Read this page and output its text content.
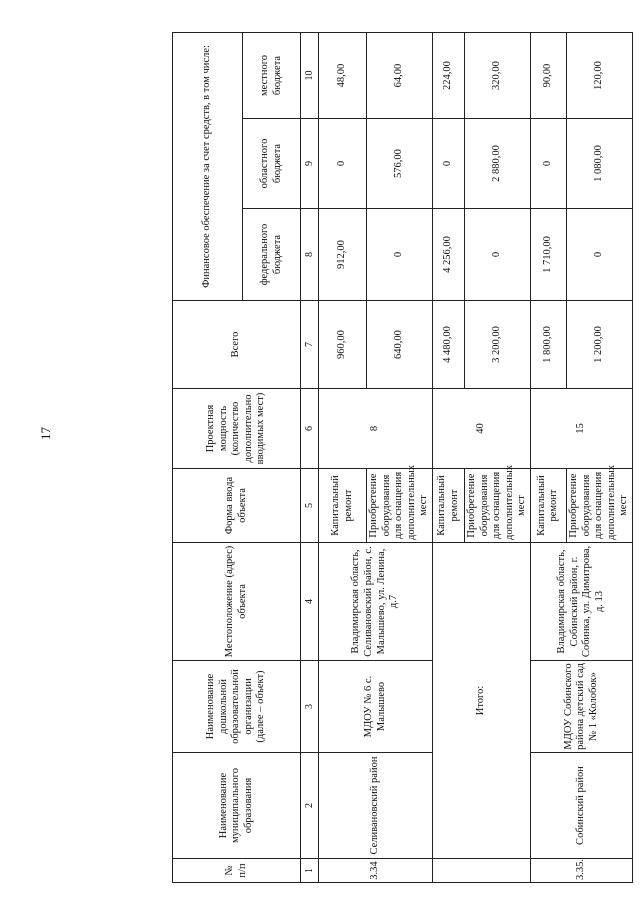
17
№ п/п	Наименование муниципального образования	Наименование дошкольной образовательной организации (далее – объект)	Местоположение (адрес) объекта	Форма ввода объекта	Проектная мощность (количество дополнительно вводимых мест)	Всего	Финансовое обеспечение за счет средств, в том числе:		
							федерального бюджета	областного бюджета	местного бюджета
1	2	3	4	5	6	7	8	9	10
3.34	Селивановский район	МДОУ № 6 с. Малышево	Владимирская область, Селивановский район, с. Малышево, ул. Ленина, д.7	Капитальный ремонт	8	960,00	912,00	0	48,00
				Приобретение оборудования для оснащения дополнительных мест		640,00	0	576,00	64,00
	Итого:			Капитальный ремонт	40	4 480,00	4 256,00	0	224,00
				Приобретение оборудования для оснащения дополнительных мест		3 200,00	0	2 880,00	320,00
3.35.	Собинский район	МДОУ Собинского района детский сад № 1 «Колобок»	Владимирская область, Собинский район, г. Собинка, ул. Димитрова, д. 13	Капитальный ремонт	15	1 800,00	1 710,00	0	90,00
				Приобретение оборудования для оснащения дополнительных мест		1 200,00	0	1 080,00	120,00
